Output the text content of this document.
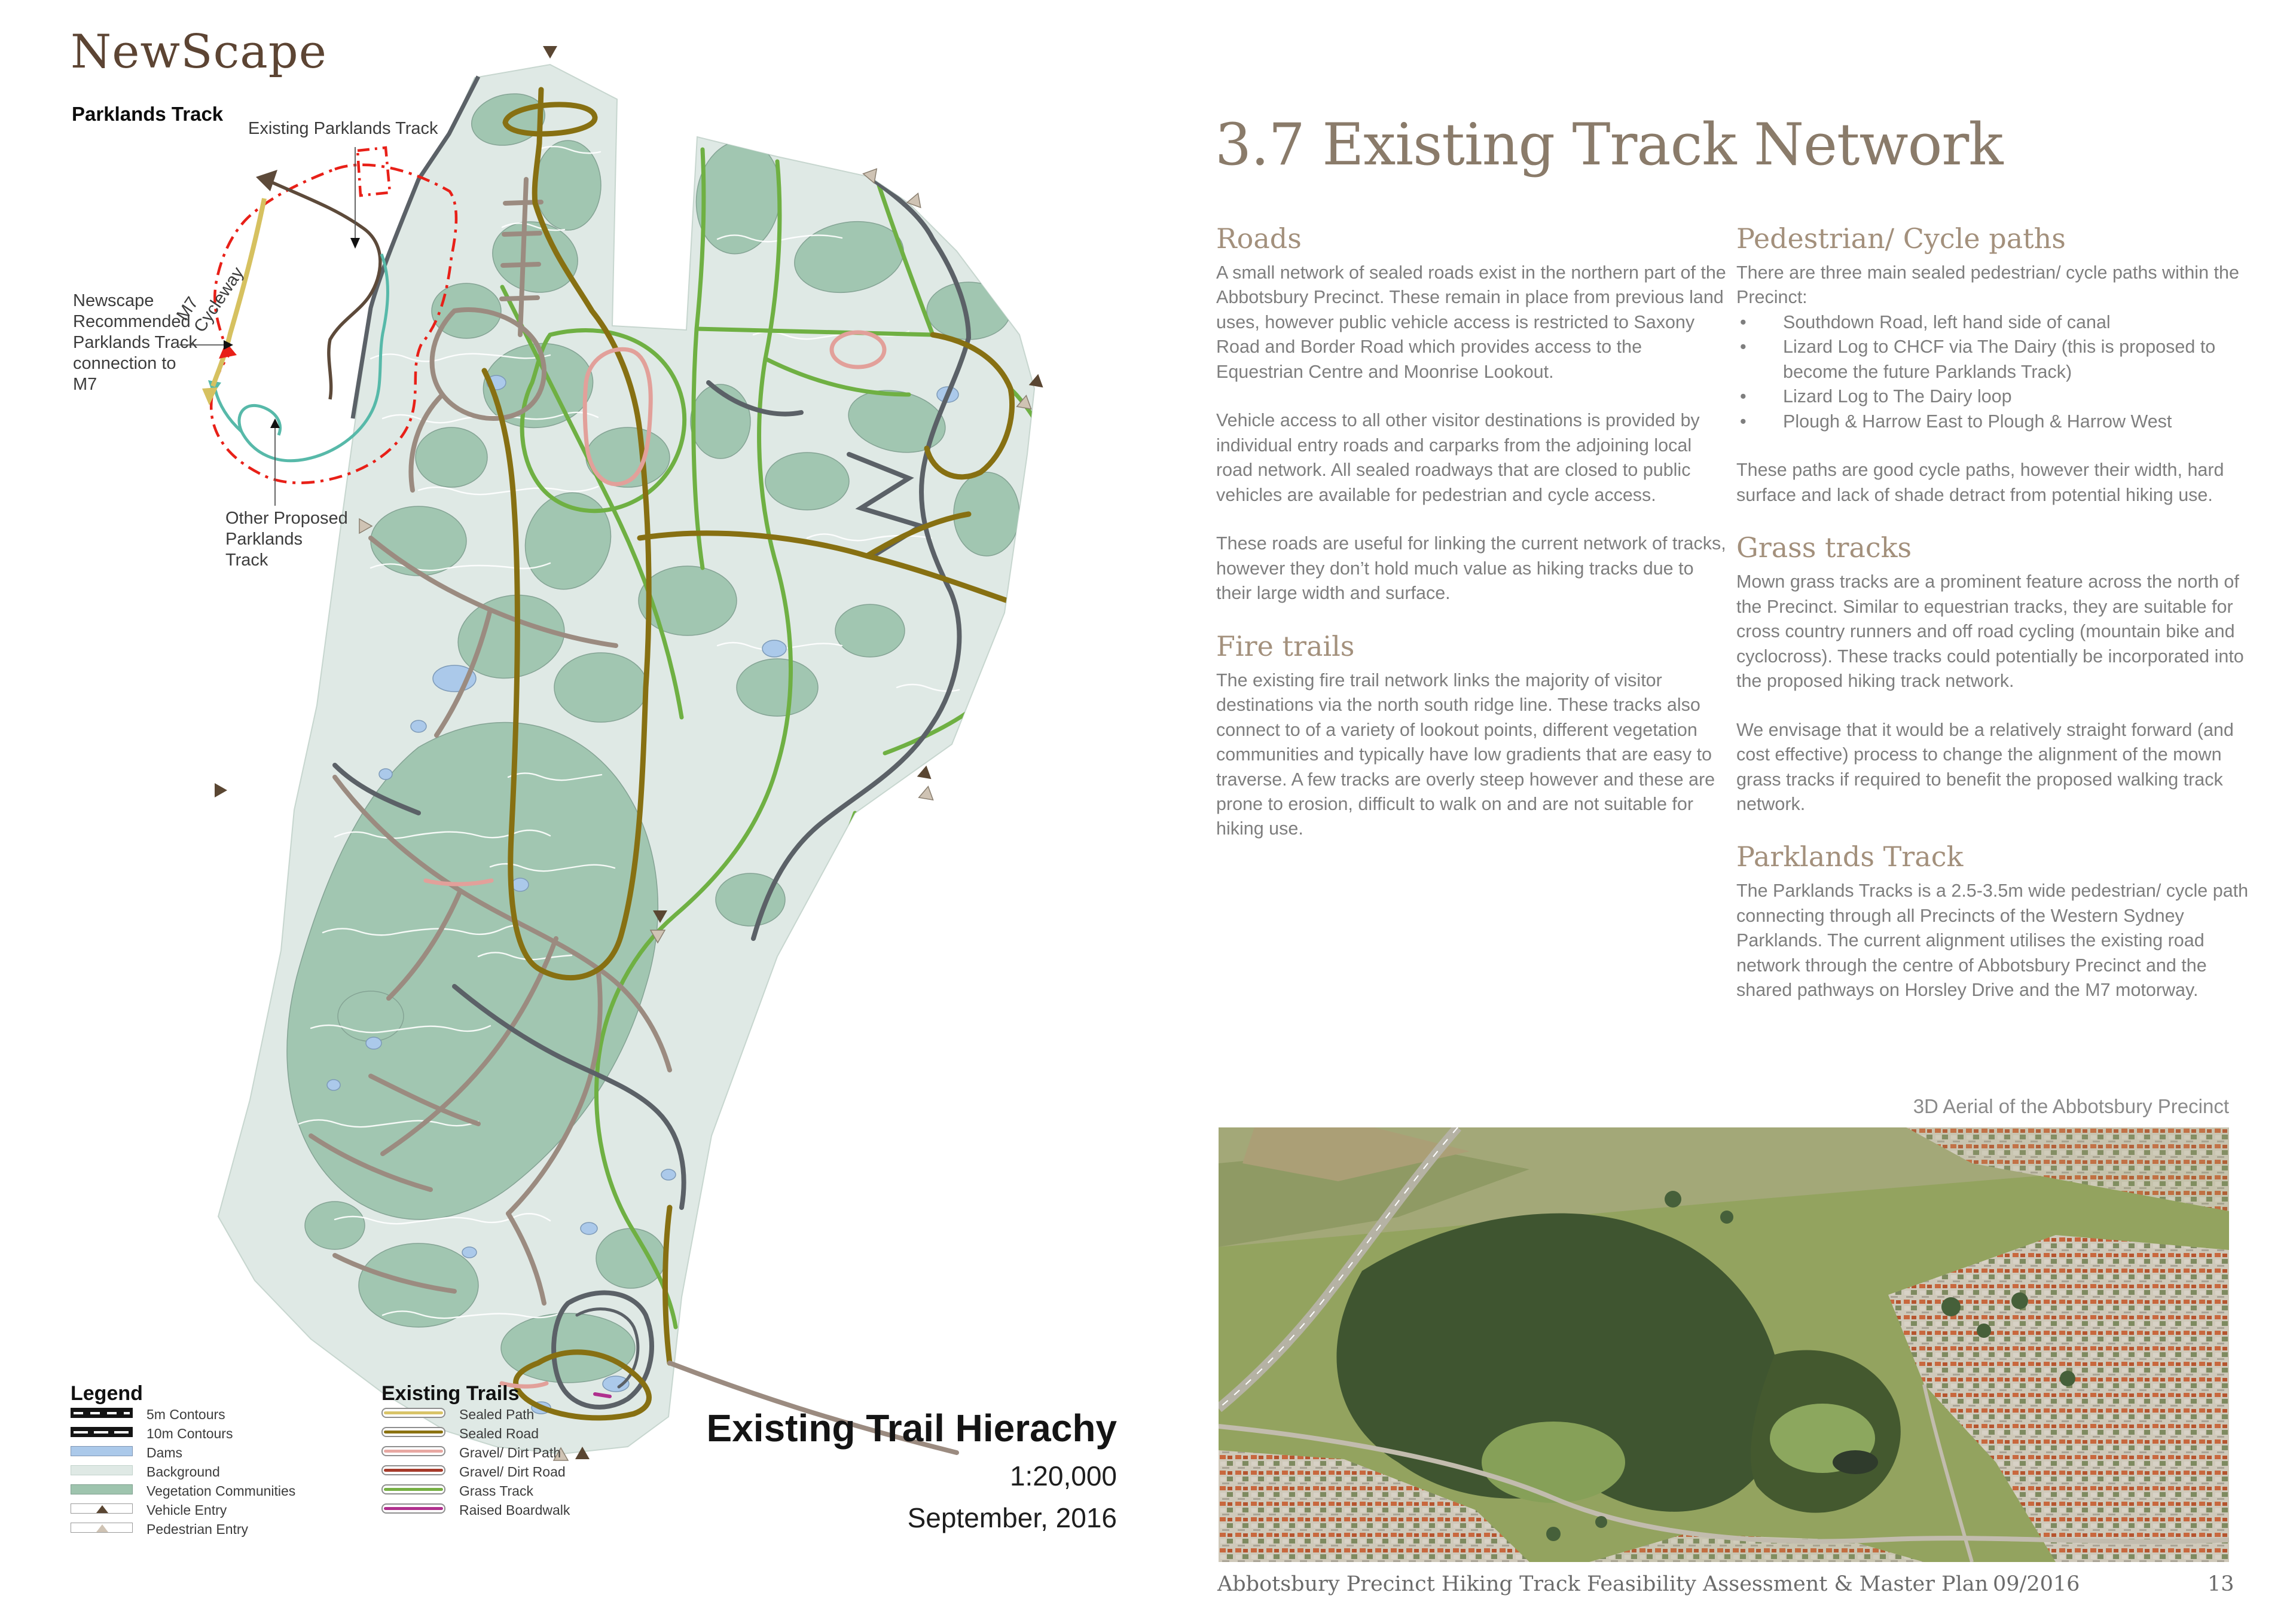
NewScape
Parklands Track
Existing Parklands Track
M7 Cycleway
Newscape
Recommended
Parklands Track
connection to
M7
Other Proposed
Parklands
Track
Legend
5m Contours
10m Contours
Dams
Background
Vegetation Communities
Vehicle Entry
Pedestrian Entry
Existing Trails
Sealed Path
Sealed Road
Gravel/ Dirt Path
Gravel/ Dirt Road
Grass Track
Raised Boardwalk
Existing Trail Hierachy
1:20,000
September, 2016
3.7 Existing Track Network
Roads

A small network of sealed roads exist in the northern part of the Abbotsbury Precinct. These remain in place from previous land uses, however public vehicle access is restricted to Saxony Road and Border Road which provides access to the Equestrian Centre and Moonrise Lookout.

Vehicle access to all other visitor destinations is provided by individual entry roads and carparks from the adjoining local road network. All sealed roadways that are closed to public vehicles are available for pedestrian and cycle access.

These roads are useful for linking the current network of tracks, however they don’t hold much value as hiking tracks due to their large width and surface.

Fire trails

The existing fire trail network links the majority of visitor destinations via the north south ridge line. These tracks also connect to of a variety of lookout points, different vegetation communities and typically have low gradients that are easy to traverse. A few tracks are overly steep however and these are prone to erosion, difficult to walk on and are not suitable for hiking use.

Pedestrian/ Cycle paths

There are three main sealed pedestrian/ cycle paths within the Precinct:

• Southdown Road, left hand side of canal
• Lizard Log to CHCF via The Dairy (this is proposed to become the future Parklands Track)
• Lizard Log to The Dairy loop
• Plough & Harrow East to Plough & Harrow West

These paths are good cycle paths, however their width, hard surface and lack of shade detract from potential hiking use.

Grass tracks

Mown grass tracks are a prominent feature across the north of the Precinct. Similar to equestrian tracks, they are suitable for cross country runners and off road cycling (mountain bike and cyclocross). These tracks could potentially be incorporated into the proposed hiking track network.

We envisage that it would be a relatively straight forward (and cost effective) process to change the alignment of the mown grass tracks if required to benefit the proposed walking track network.

Parklands Track

The Parklands Tracks is a 2.5-3.5m wide pedestrian/ cycle path connecting through all Precincts of the Western Sydney Parklands. The current alignment utilises the existing road network through the centre of Abbotsbury Precinct and the shared pathways on Horsley Drive and the M7 motorway.

3D Aerial of the Abbotsbury Precinct
Abbotsbury Precinct Hiking Track Feasibility Assessment & Master Plan 09/2016	13
